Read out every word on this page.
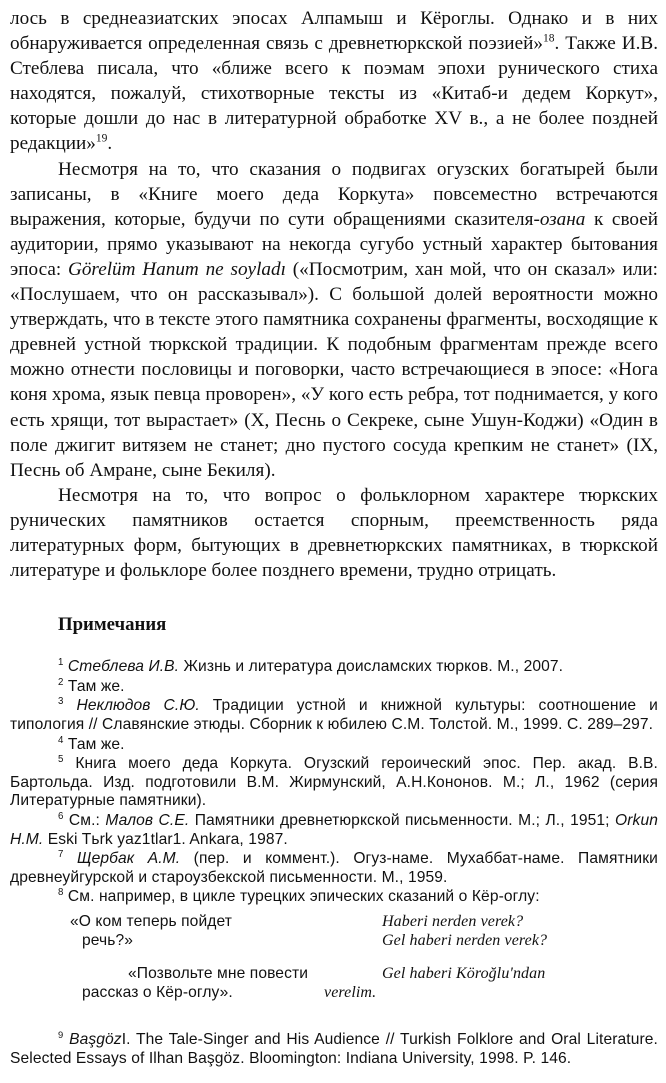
лось в среднеазиатских эпосах Алпамыш и Кёроглы. Однако и в них обнаруживается определенная связь с древнетюркской поэзией»$^{18}$. Также И.В. Стеблева писала, что «ближе всего к поэмам эпохи рунического стиха находятся, пожалуй, стихотворные тексты из «Китаб-и дедем Коркут», которые дошли до нас в литературной обработке XV в., а не более поздней редакции»$^{19}$.

Несмотря на то, что сказания о подвигах огузских богатырей были записаны, в «Книге моего деда Коркута» повсеместно встречаются выражения, которые, будучи по сути обращениями сказителя-озана к своей аудитории, прямо указывают на некогда сугубо устный характер бытования эпоса: Görelüm Hanum ne soyladı («Посмотрим, хан мой, что он сказал» или: «Послушаем, что он рассказывал»). С большой долей вероятности можно утверждать, что в тексте этого памятника сохранены фрагменты, восходящие к древней устной тюркской традиции. К подобным фрагментам прежде всего можно отнести пословицы и поговорки, часто встречающиеся в эпосе: «Нога коня хрома, язык певца проворен», «У кого есть ребра, тот поднимается, у кого есть хрящи, тот вырастает» (X, Песнь о Секреке, сыне Ушун-Коджи) «Один в поле джигит витязем не станет; дно пустого сосуда крепким не станет» (IX, Песнь об Амране, сыне Бекиля).

Несмотря на то, что вопрос о фольклорном характере тюркских рунических памятников остается спорным, преемственность ряда литературных форм, бытующих в древнетюркских памятниках, в тюркской литературе и фольклоре более позднего времени, трудно отрицать.

Примечания

$^1$ Стеблева И.В. Жизнь и литература доисламских тюрков. М., 2007.

$^2$ Там же.

$^3$ Неклюдов С.Ю. Традиции устной и книжной культуры: соотношение и типология // Славянские этюды. Сборник к юбилею С.М. Толстой. М., 1999. С. 289–297.

$^4$ Там же.

$^5$ Книга моего деда Коркута. Огузский героический эпос. Пер. акад. В.В. Бартольда. Изд. подготовили В.М. Жирмунский, А.Н.Кононов. М.; Л., 1962 (серия Литературные памятники).

$^6$ См.: Малов С.Е. Памятники древнетюркской письменности. М.; Л., 1951; Orkun H.M. Eski Tьrk yaz1tlar1. Ankara, 1987.

$^7$ Щербак А.М. (пер. и коммент.). Огуз-наме. Мухаббат-наме. Памятники древнеуйгурской и староузбекской письменности. М., 1959.

$^8$ См. например, в цикле турецких эпических сказаний о Кёр-оглу:

«О ком теперь пойдет
речь?»
Haberi nerden verek?
Gel haberi nerden verek?
«Позвольте мне повести
рассказ о Кёр-оглу».
Gel haberi Köroğlu'ndan
verelim.

$^9$ BaşgözI. The Tale-Singer and His Audience // Turkish Folklore and Oral Literature. Selected Essays of Ilhan Başgöz. Bloomington: Indiana University, 1998. P. 146.
